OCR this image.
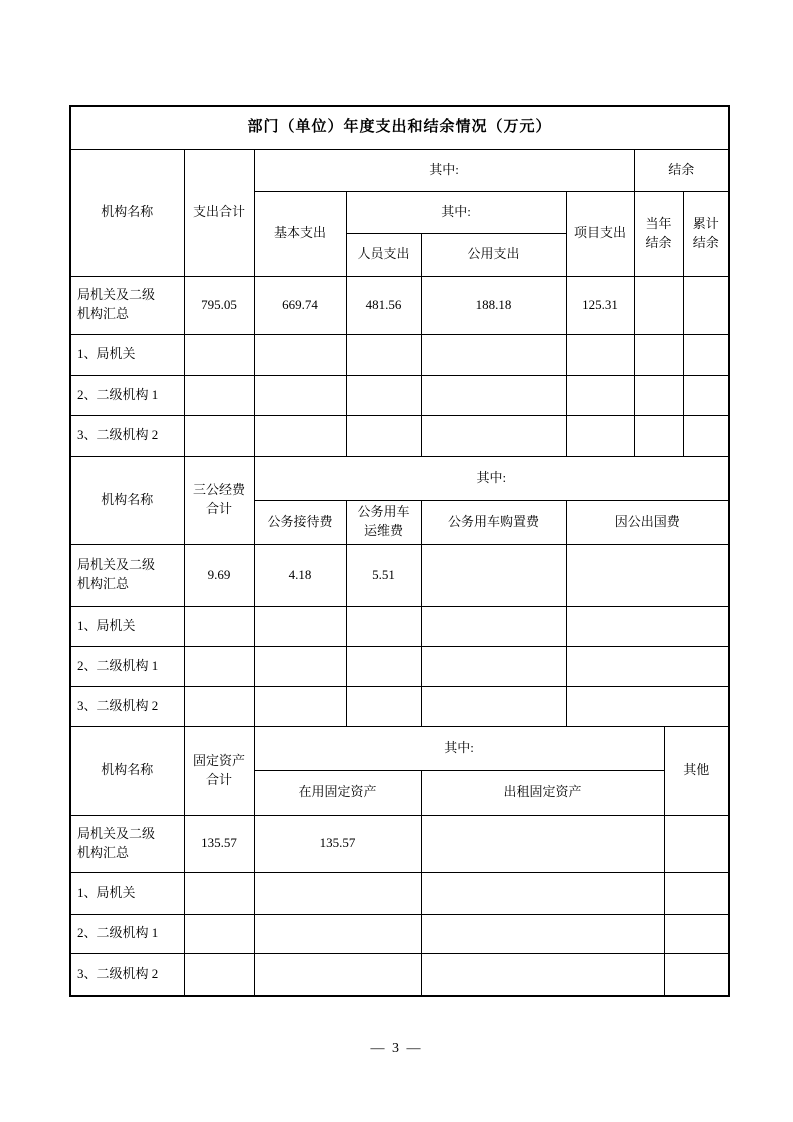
部门（单位）年度支出和结余情况（万元）								
机构名称	支出合计	其中:				结余		
		基本支出	其中:		项目支出	当年结余		累计结余
			人员支出	公用支出				
局机关及二级机构汇总	795.05	669.74	481.56	188.18	125.31			
1、局机关								
2、二级机构 1								
3、二级机构 2								
机构名称	三公经费合计	其中:						
		公务接待费	公务用车运维费	公务用车购置费	因公出国费			
局机关及二级机构汇总	9.69	4.18	5.51					
1、局机关								
2、二级机构 1								
3、二级机构 2								
机构名称	固定资产合计	其中:					其他	
		在用固定资产		出租固定资产				
局机关及二级机构汇总	135.57	135.57						
1、局机关								
2、二级机构 1								
3、二级机构 2								
— 3 —
